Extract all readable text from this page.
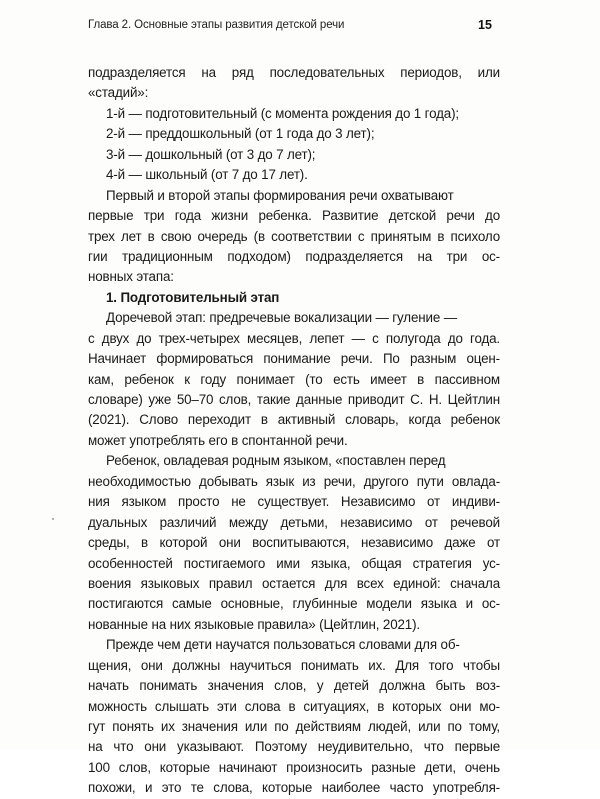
Глава 2. Основные этапы развития детской речи	15
подразделяется на ряд последовательных периодов, или
«стадий»:
1-й — подготовительный (с момента рождения до 1 года);
2-й — преддошкольный (от 1 года до 3 лет);
3-й — дошкольный (от 3 до 7 лет);
4-й — школьный (от 7 до 17 лет).
Первый и второй этапы формирования речи охватывают
первые три года жизни ребенка. Развитие детской речи до
трех лет в свою очередь (в соответствии с принятым в психоло
гии традиционным подходом) подразделяется на три ос-
новных этапа:
1. Подготовительный этап
Доречевой этап: предречевые вокализации — гуление —
с двух до трех-четырех месяцев, лепет — с полугода до года.
Начинает формироваться понимание речи. По разным оцен-
кам, ребенок к году понимает (то есть имеет в пассивном
словаре) уже 50–70 слов, такие данные приводит С. Н. Цейтлин
(2021). Слово переходит в активный словарь, когда ребенок
может употреблять его в спонтанной речи.
Ребенок, овладевая родным языком, «поставлен перед
необходимостью добывать язык из речи, другого пути овлада-
ния языком просто не существует. Независимо от индиви-
дуальных различий между детьми, независимо от речевой
среды, в которой они воспитываются, независимо даже от
особенностей постигаемого ими языка, общая стратегия ус-
воения языковых правил остается для всех единой: сначала
постигаются самые основные, глубинные модели языка и ос-
нованные на них языковые правила» (Цейтлин, 2021).
Прежде чем дети научатся пользоваться словами для об-
щения, они должны научиться понимать их. Для того чтобы
начать понимать значения слов, у детей должна быть воз-
можность слышать эти слова в ситуациях, в которых они мо-
гут понять их значения или по действиям людей, или по тому,
на что они указывают. Поэтому неудивительно, что первые
100 слов, которые начинают произносить разные дети, очень
похожи, и это те слова, которые наиболее часто употребля-
